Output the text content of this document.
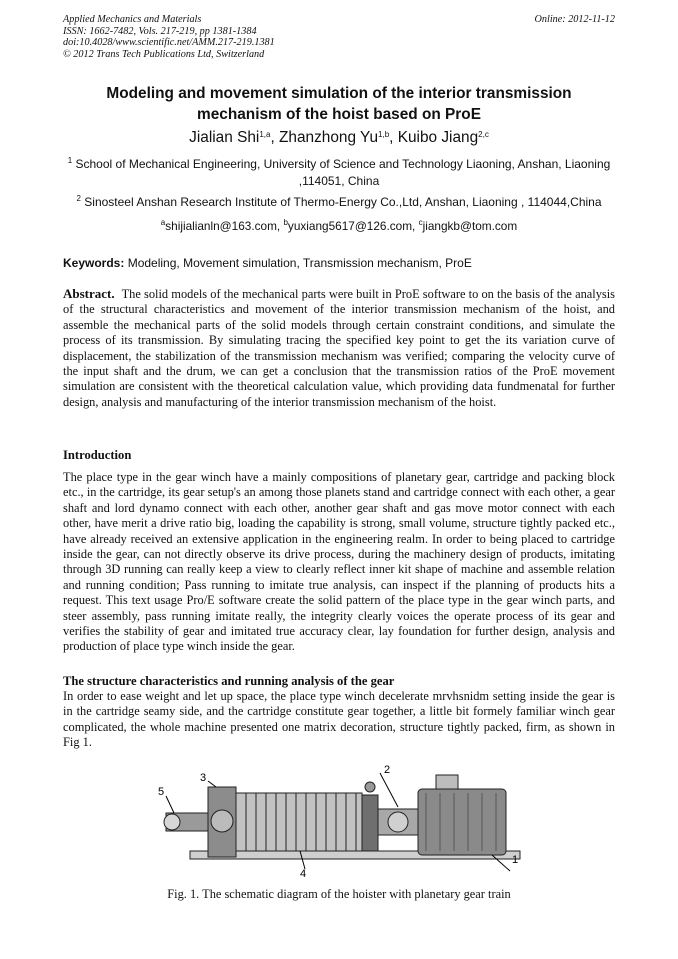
Applied Mechanics and Materials
ISSN: 1662-7482, Vols. 217-219, pp 1381-1384
doi:10.4028/www.scientific.net/AMM.217-219.1381
© 2012 Trans Tech Publications Ltd, Switzerland
Online: 2012-11-12
Modeling and movement simulation of the interior transmission
mechanism of the hoist based on ProE
Jialian Shi$^{1,a}$, Zhanzhong Yu$^{1,b}$, Kuibo Jiang$^{2,c}$
$^1$ School of Mechanical Engineering, University of Science and Technology Liaoning, Anshan, Liaoning ,114051, China
$^2$ Sinosteel Anshan Research Institute of Thermo-Energy Co.,Ltd, Anshan, Liaoning , 114044,China
$^a$shijialianln@163.com, $^b$yuxiang5617@126.com, $^c$jiangkb@tom.com
Keywords: Modeling, Movement simulation, Transmission mechanism, ProE
Abstract. The solid models of the mechanical parts were built in ProE software to on the basis of the analysis of the structural characteristics and movement of the interior transmission mechanism of the hoist, and assemble the mechanical parts of the solid models through certain constraint conditions, and simulate the process of its transmission. By simulating tracing the specified key point to get the its variation curve of displacement, the stabilization of the transmission mechanism was verified; comparing the velocity curve of the input shaft and the drum, we can get a conclusion that the transmission ratios of the ProE movement simulation are consistent with the theoretical calculation value, which providing data fundmenatal for further design, analysis and manufacturing of the interior transmission mechanism of the hoist.
Introduction
The place type in the gear winch have a mainly compositions of planetary gear, cartridge and packing block etc., in the cartridge, its gear setup's an among those planets stand and cartridge connect with each other, a gear shaft and lord dynamo connect with each other, another gear shaft and gas move motor connect with each other, have merit a drive ratio big, loading the capability is strong, small volume, structure tightly packed etc., have already received an extensive application in the engineering realm. In order to being placed to cartridge inside the gear, can not directly observe its drive process, during the machinery design of products, imitating through 3D running can really keep a view to clearly reflect inner kit shape of machine and assemble relation and running condition; Pass running to imitate true analysis, can inspect if the planning of products hits a request. This text usage Pro/E software create the solid pattern of the place type in the gear winch parts, and steer assembly, pass running imitate really, the integrity clearly voices the operate process of its gear and verifies the stability of gear and imitated true accuracy clear, lay foundation for further design, analysis and production of place type winch inside the gear.
The structure characteristics and running analysis of the gear
In order to ease weight and let up space, the place type winch decelerate mrvhsnidm setting inside the gear is in the cartridge seamy side, and the cartridge constitute gear together, a little bit formely familiar winch gear complicated, the whole machine presented one matrix decoration, structure tightly packed, firm, as shown in Fig 1.
1
2
3
4
5
Fig. 1. The schematic diagram of the hoister with planetary gear train
